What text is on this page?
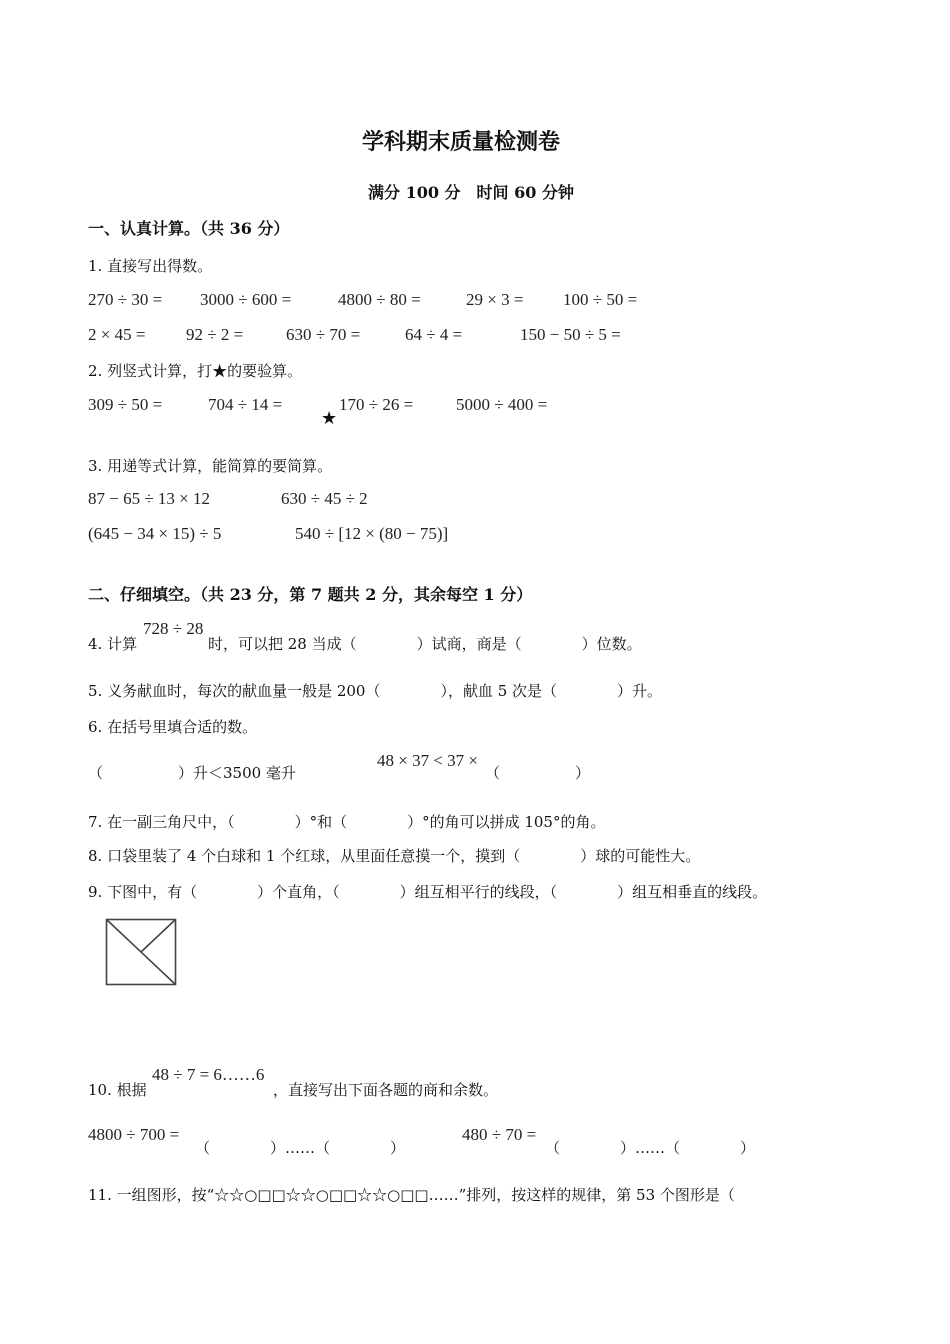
学科期末质量检测卷
满分 100 分　时间 60 分钟
一、认真计算。（共 36 分）
1. 直接写出得数。
270 ÷ 30 = 3000 ÷ 600 =	4800 ÷ 80 =	29 × 3 = 100 ÷ 50 =
2 × 45 = 92 ÷ 2 =	630 ÷ 70 =	64 ÷ 4 =	150 − 50 ÷ 5 =
2. 列竖式计算，打★的要验算。
309 ÷ 50 =	704 ÷ 14 =
★
170 ÷ 26 =	5000 ÷ 400 =
3. 用递等式计算，能简算的要简算。
87 − 65 ÷ 13 × 12	630 ÷ 45 ÷ 2
(645 − 34 × 15) ÷ 5	540 ÷ [12 × (80 − 75)]
二、仔细填空。（共 23 分，第 7 题共 2 分，其余每空 1 分）
4. 计算
728 ÷ 28
时，可以把 28 当成（　　　　）试商，商是（　　　　）位数。
5. 义务献血时，每次的献血量一般是 200（　　　　），献血 5 次是（　　　　）升。
6. 在括号里填合适的数。
（　　　　　）升＜3500 毫升
48 × 37 < 37 ×
（　　　　　）
7. 在一副三角尺中，（　　　　）°和（　　　　）°的角可以拼成 105°的角。
8. 口袋里装了 4 个白球和 1 个红球，从里面任意摸一个，摸到（　　　　）球的可能性大。
9. 下图中，有（　　　　）个直角，（　　　　）组互相平行的线段，（　　　　）组互相垂直的线段。
10. 根据
48 ÷ 7 = 6……6
，直接写出下面各题的商和余数。
4800 ÷ 700 =
（　　　　）……（　　　　）
480 ÷ 70 =
（　　　　）……（　　　　）
11. 一组图形，按“☆☆○□□☆☆○□□☆☆○□□……”排列，按这样的规律，第 53 个图形是（
